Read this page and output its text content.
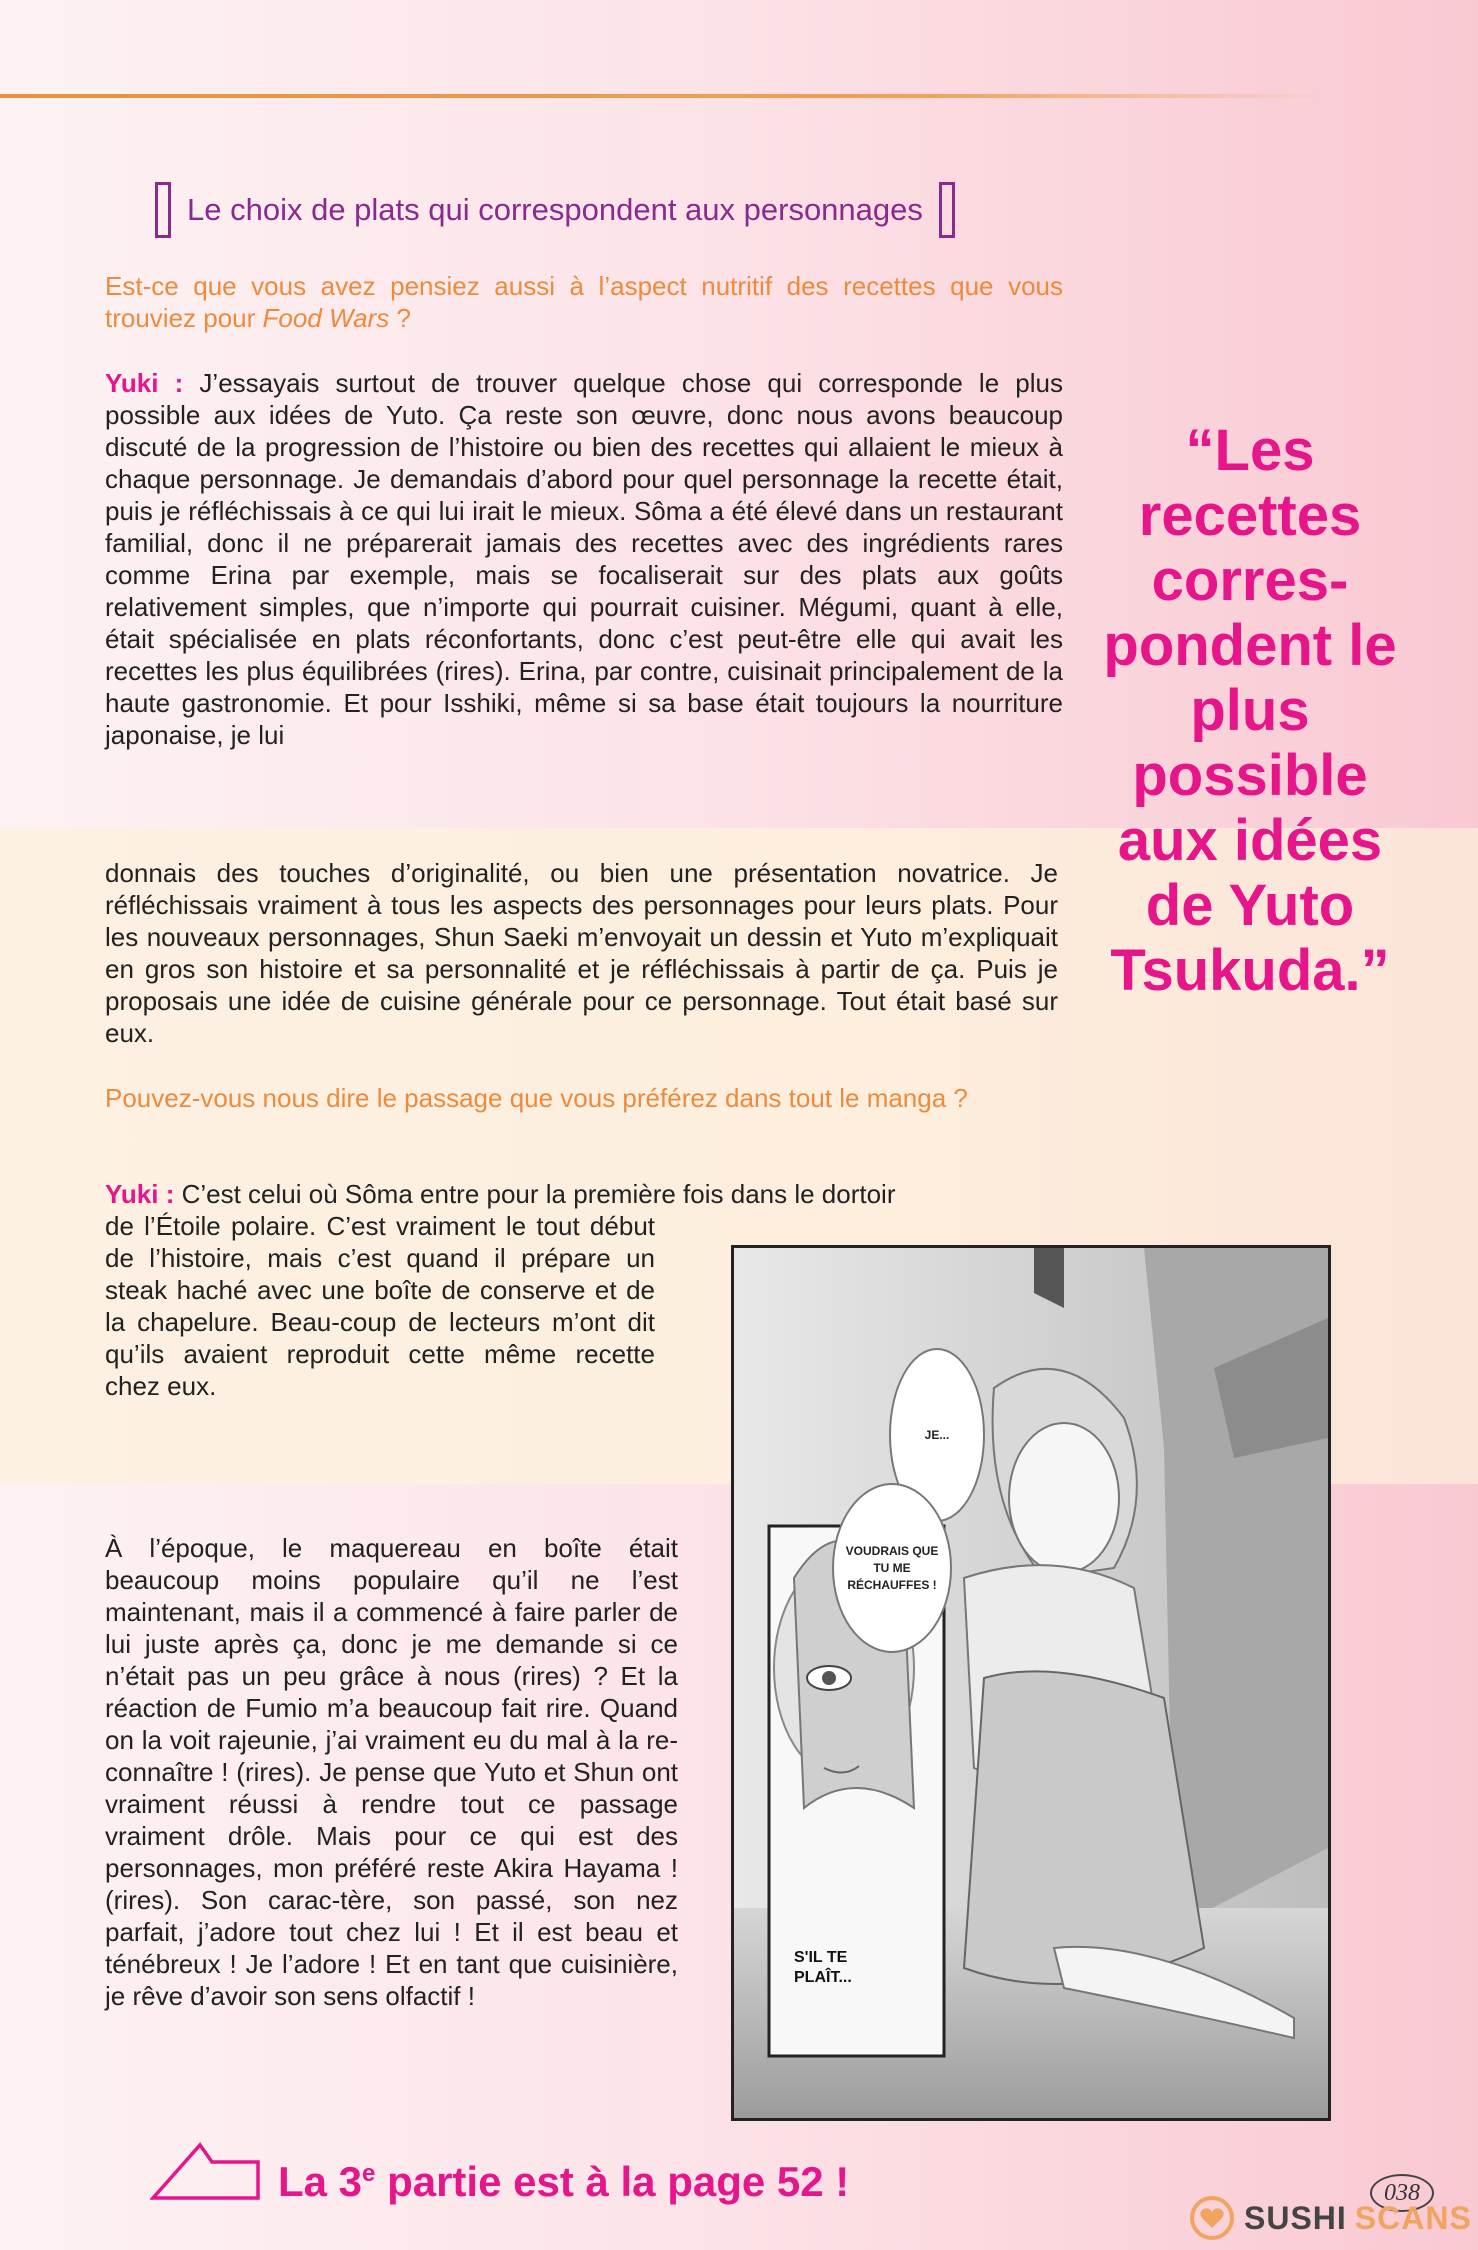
Le choix de plats qui correspondent aux personnages

Est-ce que vous avez pensiez aussi à l’aspect nutritif des recettes que vous trouviez pour Food Wars ?

Yuki : J’essayais surtout de trouver quelque chose qui corresponde le plus possible aux idées de Yuto. Ça reste son œuvre, donc nous avons beaucoup discuté de la progression de l’histoire ou bien des recettes qui allaient le mieux à chaque personnage. Je demandais d’abord pour quel personnage la recette était, puis je réfléchissais à ce qui lui irait le mieux. Sôma a été élevé dans un restaurant familial, donc il ne préparerait jamais des recettes avec des ingrédients rares comme Erina par exemple, mais se focaliserait sur des plats aux goûts relativement simples, que n’importe qui pourrait cuisiner. Mégumi, quant à elle, était spécialisée en plats réconfortants, donc c’est peut-être elle qui avait les recettes les plus équilibrées (rires). Erina, par contre, cuisinait principalement de la haute gastronomie. Et pour Isshiki, même si sa base était toujours la nourriture japonaise, je lui

donnais des touches d’originalité, ou bien une présentation novatrice. Je réfléchissais vraiment à tous les aspects des personnages pour leurs plats. Pour les nouveaux personnages, Shun Saeki m’envoyait un dessin et Yuto m’expliquait en gros son histoire et sa personnalité et je réfléchissais à partir de ça. Puis je proposais une idée de cuisine générale pour ce personnage. Tout était basé sur eux.

Pouvez-vous nous dire le passage que vous préférez dans tout le manga ?

Yuki : C’est celui où Sôma entre pour la première fois dans le dortoir

de l’Étoile polaire. C’est vraiment le tout début de l’histoire, mais c’est quand il prépare un steak haché avec une boîte de conserve et de la chapelure. Beau-coup de lecteurs m’ont dit qu’ils avaient reproduit cette même recette chez eux.

À l’époque, le maquereau en boîte était beaucoup moins populaire qu’il ne l’est maintenant, mais il a commencé à faire parler de lui juste après ça, donc je me demande si ce n’était pas un peu grâce à nous (rires) ? Et la réaction de Fumio m’a beaucoup fait rire. Quand on la voit rajeunie, j’ai vraiment eu du mal à la re-connaître ! (rires). Je pense que Yuto et Shun ont vraiment réussi à rendre tout ce passage vraiment drôle. Mais pour ce qui est des personnages, mon préféré reste Akira Hayama ! (rires). Son carac-tère, son passé, son nez parfait, j’adore tout chez lui ! Et il est beau et ténébreux ! Je l’adore ! Et en tant que cuisinière, je rêve d’avoir son sens olfactif !

“Les recettes corres-pondent le plus possible aux idées de Yuto Tsukuda.”

JE...
VOUDRAIS QUE TU ME RÉCHAUFFES !
S'IL TE PLAÎT...

La 3e partie est à la page 52 !	038
SUSHI SCANS
